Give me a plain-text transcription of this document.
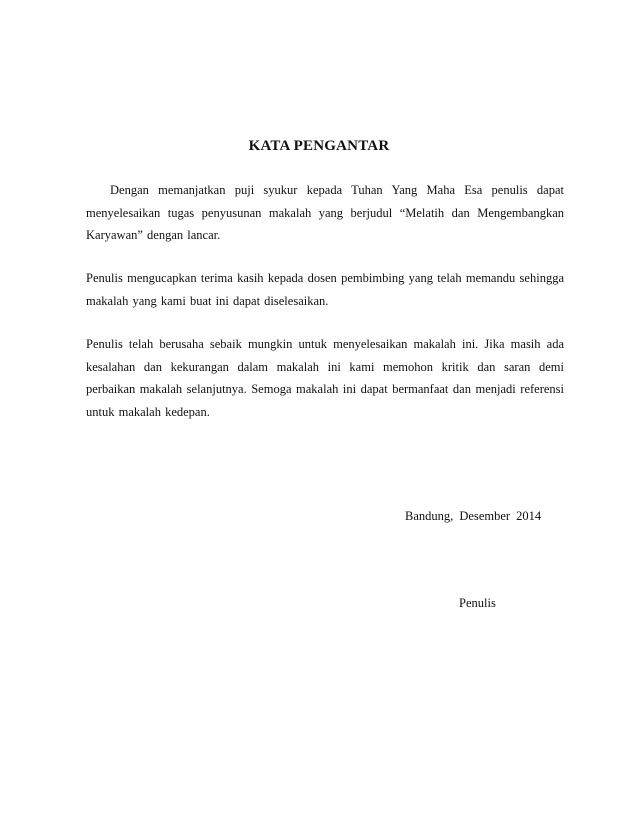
KATA PENGANTAR

Dengan memanjatkan puji syukur kepada Tuhan Yang Maha Esa penulis dapat menyelesaikan tugas penyusunan makalah yang berjudul “Melatih dan Mengembangkan Karyawan” dengan lancar.

Penulis mengucapkan terima kasih kepada dosen pembimbing yang telah memandu sehingga makalah yang kami buat ini dapat diselesaikan.

Penulis telah berusaha sebaik mungkin untuk menyelesaikan makalah ini. Jika masih ada kesalahan dan kekurangan dalam makalah ini kami memohon kritik dan saran demi perbaikan makalah selanjutnya. Semoga makalah ini dapat bermanfaat dan menjadi referensi untuk makalah kedepan.

Bandung, Desember 2014
Penulis
